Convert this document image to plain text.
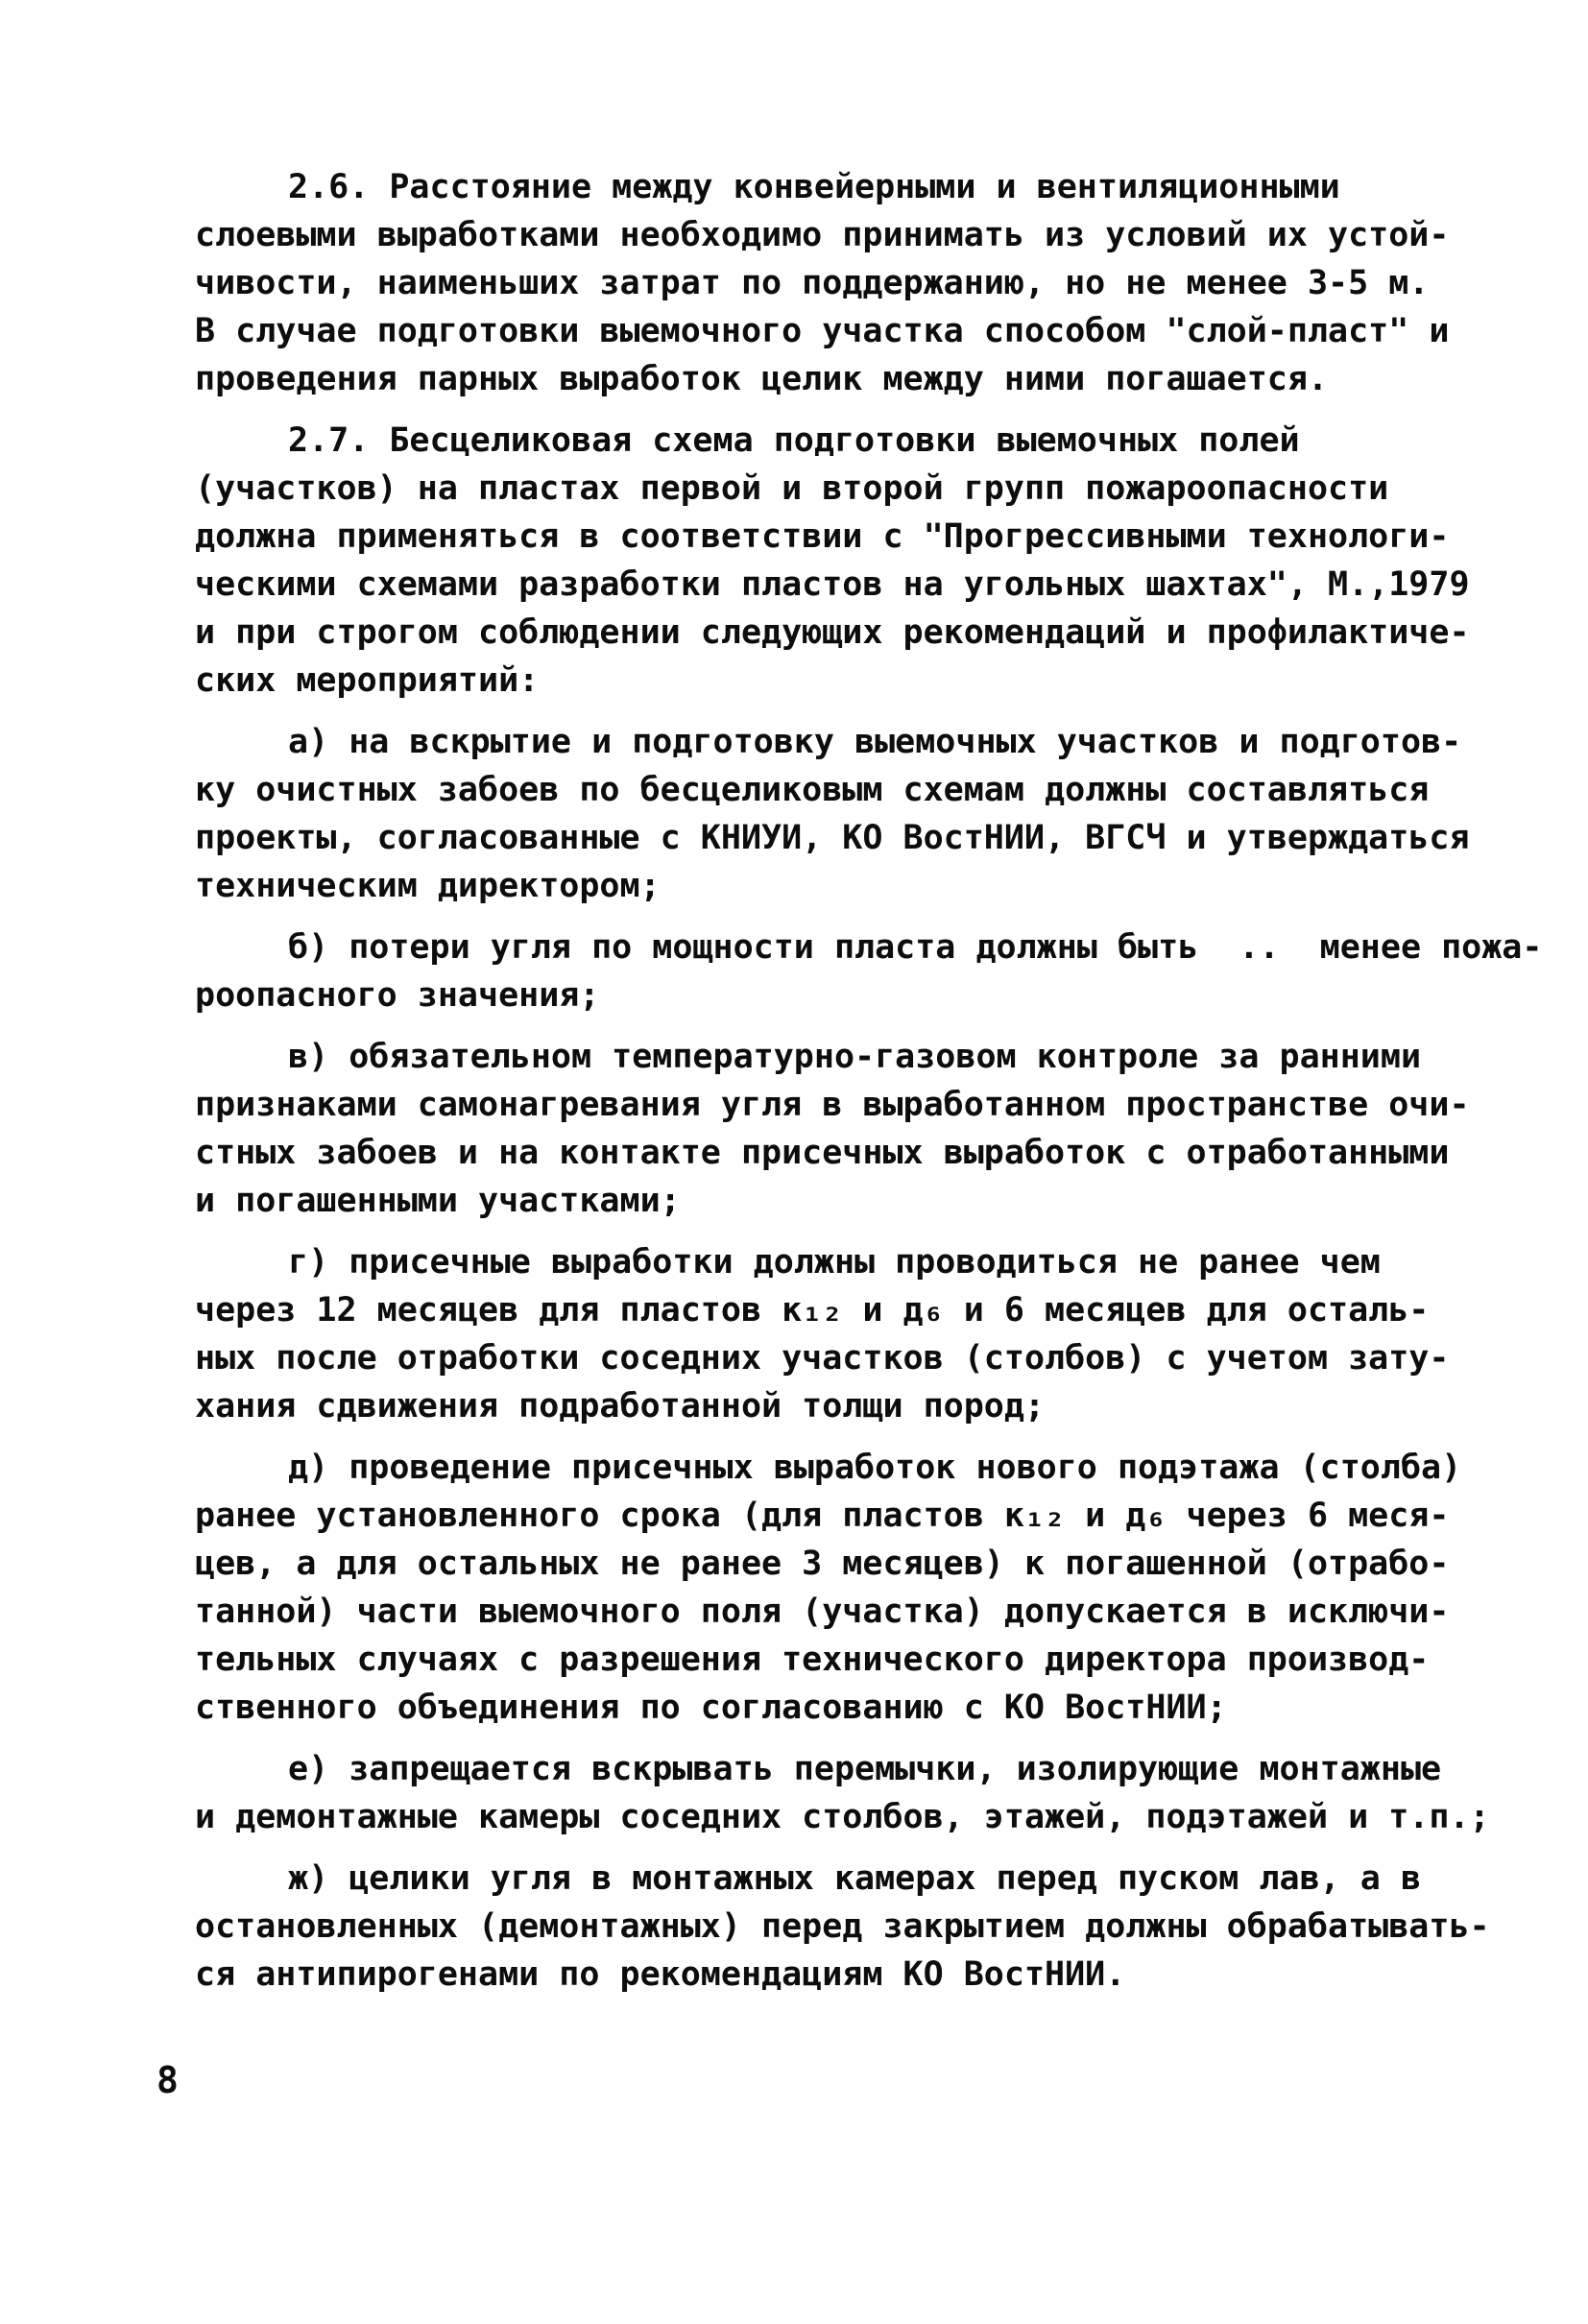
2.6. Расстояние между конвейерными и вентиляционными
слоевыми выработками необходимо принимать из условий их устой-
чивости, наименьших затрат по поддержанию, но не менее 3-5 м.
В случае подготовки выемочного участка способом "слой-пласт" и
проведения парных выработок целик между ними погашается.
2.7. Бесцеликовая схема подготовки выемочных полей
(участков) на пластах первой и второй групп пожароопасности
должна применяться в соответствии с "Прогрессивными технологи-
ческими схемами разработки пластов на угольных шахтах", М.,1979
и при строгом соблюдении следующих рекомендаций и профилактиче-
ских мероприятий:
а) на вскрытие и подготовку выемочных участков и подготов-
ку очистных забоев по бесцеликовым схемам должны составляться
проекты, согласованные с КНИУИ, КО ВостНИИ, ВГСЧ и утверждаться
техническим директором;
б) потери угля по мощности пласта должны быть  ..  менее пожа-
роопасного значения;
в) обязательном температурно-газовом контроле за ранними
признаками самонагревания угля в выработанном пространстве очи-
стных забоев и на контакте присечных выработок с отработанными
и погашенными участками;
г) присечные выработки должны проводиться не ранее чем
через 12 месяцев для пластов к₁₂ и д₆ и 6 месяцев для осталь-
ных после отработки соседних участков (столбов) с учетом зату-
хания сдвижения подработанной толщи пород;
д) проведение присечных выработок нового подэтажа (столба)
ранее установленного срока (для пластов к₁₂ и д₆ через 6 меся-
цев, а для остальных не ранее 3 месяцев) к погашенной (отрабо-
танной) части выемочного поля (участка) допускается в исключи-
тельных случаях с разрешения технического директора производ-
ственного объединения по согласованию с КО ВостНИИ;
е) запрещается вскрывать перемычки, изолирующие монтажные
и демонтажные камеры соседних столбов, этажей, подэтажей и т.п.;
ж) целики угля в монтажных камерах перед пуском лав, а в
остановленных (демонтажных) перед закрытием должны обрабатывать-
ся антипирогенами по рекомендациям КО ВостНИИ.
8
